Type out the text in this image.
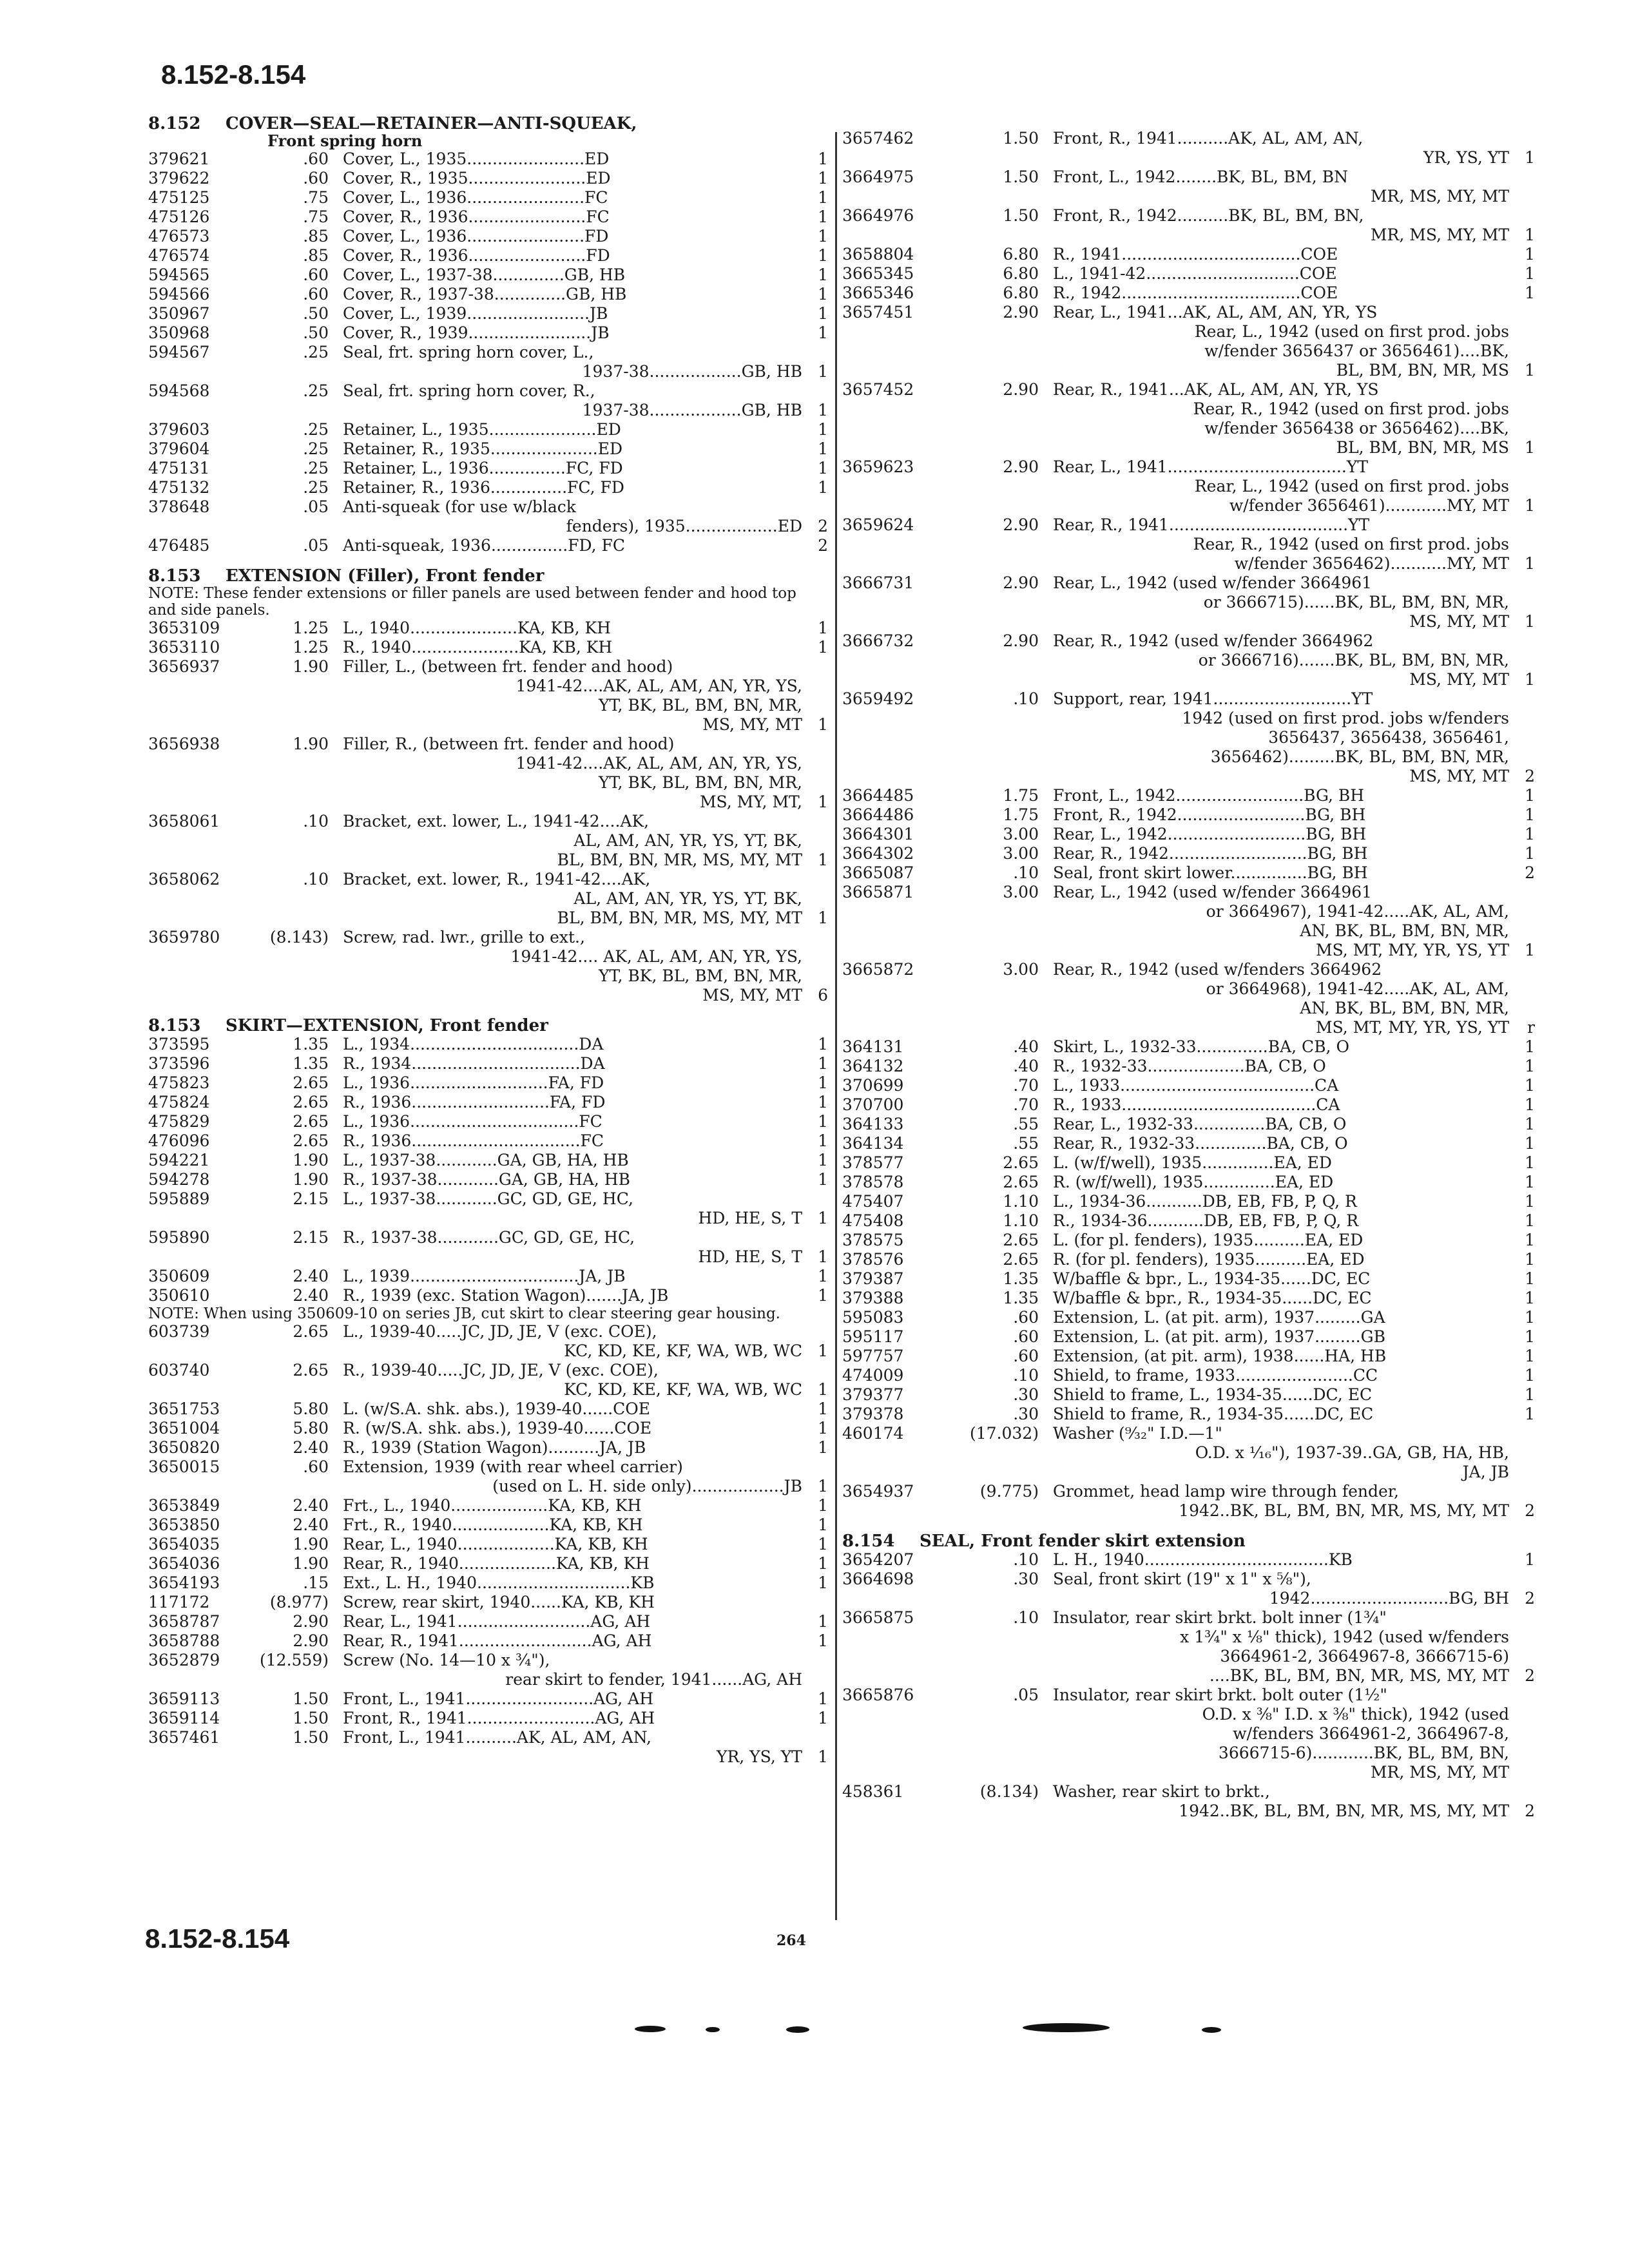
8.152-8.154
8.152 COVER—SEAL—RETAINER—ANTI-SQUEAK,
Front spring horn
379621	.60 Cover, L., 1935.......................ED	1
379622	.60 Cover, R., 1935.......................ED	1
475125	.75 Cover, L., 1936.......................FC	1
475126	.75 Cover, R., 1936.......................FC	1
476573	.85 Cover, L., 1936.......................FD	1
476574	.85 Cover, R., 1936.......................FD	1
594565	.60 Cover, L., 1937-38..............GB, HB	1
594566	.60 Cover, R., 1937-38..............GB, HB	1
350967	.50 Cover, L., 1939........................JB	1
350968	.50 Cover, R., 1939........................JB	1
594567	.25 Seal, frt. spring horn cover, L.,
1937-38..................GB, HB 1
594568	.25 Seal, frt. spring horn cover, R.,
1937-38..................GB, HB 1
379603	.25 Retainer, L., 1935.....................ED	1
379604	.25 Retainer, R., 1935.....................ED	1
475131	.25 Retainer, L., 1936...............FC, FD	1
475132	.25 Retainer, R., 1936...............FC, FD	1
378648	.05 Anti-squeak (for use w/black
fenders), 1935..................ED 2
476485	.05 Anti-squeak, 1936...............FD, FC	2
8.153 EXTENSION (Filler), Front fender
NOTE: These fender extensions or filler panels are used between fender and hood top and side panels.
3653109	1.25 L., 1940.....................KA, KB, KH	1
3653110	1.25 R., 1940.....................KA, KB, KH	1
3656937	1.90 Filler, L., (between frt. fender and hood)
1941-42....AK, AL, AM, AN, YR, YS,
YT, BK, BL, BM, BN, MR,
MS, MY, MT 1
3656938	1.90 Filler, R., (between frt. fender and hood)
1941-42....AK, AL, AM, AN, YR, YS,
YT, BK, BL, BM, BN, MR,
MS, MY, MT, 1
3658061	.10 Bracket, ext. lower, L., 1941-42....AK,
AL, AM, AN, YR, YS, YT, BK,
BL, BM, BN, MR, MS, MY, MT 1
3658062	.10 Bracket, ext. lower, R., 1941-42....AK,
AL, AM, AN, YR, YS, YT, BK,
BL, BM, BN, MR, MS, MY, MT 1
3659780	(8.143) Screw, rad. lwr., grille to ext.,
1941-42.... AK, AL, AM, AN, YR, YS,
YT, BK, BL, BM, BN, MR,
MS, MY, MT 6
8.153 SKIRT—EXTENSION, Front fender
373595	1.35 L., 1934.................................DA	1
373596	1.35 R., 1934.................................DA	1
475823	2.65 L., 1936...........................FA, FD	1
475824	2.65 R., 1936...........................FA, FD	1
475829	2.65 L., 1936.................................FC	1
476096	2.65 R., 1936.................................FC	1
594221	1.90 L., 1937-38............GA, GB, HA, HB	1
594278	1.90 R., 1937-38............GA, GB, HA, HB	1
595889	2.15 L., 1937-38............GC, GD, GE, HC,
HD, HE, S, T 1
595890	2.15 R., 1937-38............GC, GD, GE, HC,
HD, HE, S, T 1
350609	2.40 L., 1939.................................JA, JB	1
350610	2.40 R., 1939 (exc. Station Wagon).......JA, JB	1
NOTE: When using 350609-10 on series JB, cut skirt to clear steering gear housing.
603739	2.65 L., 1939-40.....JC, JD, JE, V (exc. COE),
KC, KD, KE, KF, WA, WB, WC 1
603740	2.65 R., 1939-40.....JC, JD, JE, V (exc. COE),
KC, KD, KE, KF, WA, WB, WC 1
3651753	5.80 L. (w/S.A. shk. abs.), 1939-40......COE	1
3651004	5.80 R. (w/S.A. shk. abs.), 1939-40......COE	1
3650820	2.40 R., 1939 (Station Wagon)..........JA, JB	1
3650015	.60 Extension, 1939 (with rear wheel carrier)
(used on L. H. side only)..................JB 1
3653849	2.40 Frt., L., 1940...................KA, KB, KH	1
3653850	2.40 Frt., R., 1940...................KA, KB, KH	1
3654035	1.90 Rear, L., 1940...................KA, KB, KH	1
3654036	1.90 Rear, R., 1940...................KA, KB, KH	1
3654193	.15 Ext., L. H., 1940..............................KB	1
117172	(8.977) Screw, rear skirt, 1940......KA, KB, KH
3658787	2.90 Rear, L., 1941..........................AG, AH	1
3658788	2.90 Rear, R., 1941..........................AG, AH	1
3652879	(12.559) Screw (No. 14—10 x ¾"),
rear skirt to fender, 1941......AG, AH
3659113	1.50 Front, L., 1941.........................AG, AH	1
3659114	1.50 Front, R., 1941.........................AG, AH	1
3657461	1.50 Front, L., 1941..........AK, AL, AM, AN,
YR, YS, YT 1
3657462	1.50 Front, R., 1941..........AK, AL, AM, AN,
YR, YS, YT 1
3664975	1.50 Front, L., 1942........BK, BL, BM, BN
MR, MS, MY, MT
3664976	1.50 Front, R., 1942..........BK, BL, BM, BN,
MR, MS, MY, MT 1
3658804	6.80 R., 1941...................................COE	1
3665345	6.80 L., 1941-42..............................COE	1
3665346	6.80 R., 1942...................................COE	1
3657451	2.90 Rear, L., 1941...AK, AL, AM, AN, YR, YS
Rear, L., 1942 (used on first prod. jobs
w/fender 3656437 or 3656461)....BK,
BL, BM, BN, MR, MS 1
3657452	2.90 Rear, R., 1941...AK, AL, AM, AN, YR, YS
Rear, R., 1942 (used on first prod. jobs
w/fender 3656438 or 3656462)....BK,
BL, BM, BN, MR, MS 1
3659623	2.90 Rear, L., 1941...................................YT
Rear, L., 1942 (used on first prod. jobs
w/fender 3656461)............MY, MT 1
3659624	2.90 Rear, R., 1941...................................YT
Rear, R., 1942 (used on first prod. jobs
w/fender 3656462)...........MY, MT 1
3666731	2.90 Rear, L., 1942 (used w/fender 3664961
or 3666715)......BK, BL, BM, BN, MR,
MS, MY, MT 1
3666732	2.90 Rear, R., 1942 (used w/fender 3664962
or 3666716).......BK, BL, BM, BN, MR,
MS, MY, MT 1
3659492	.10 Support, rear, 1941...........................YT
1942 (used on first prod. jobs w/fenders
3656437, 3656438, 3656461,
3656462).........BK, BL, BM, BN, MR,
MS, MY, MT 2
3664485	1.75 Front, L., 1942.........................BG, BH	1
3664486	1.75 Front, R., 1942.........................BG, BH	1
3664301	3.00 Rear, L., 1942...........................BG, BH	1
3664302	3.00 Rear, R., 1942...........................BG, BH	1
3665087	.10 Seal, front skirt lower...............BG, BH	2
3665871	3.00 Rear, L., 1942 (used w/fender 3664961
or 3664967), 1941-42.....AK, AL, AM,
AN, BK, BL, BM, BN, MR,
MS, MT, MY, YR, YS, YT 1
3665872	3.00 Rear, R., 1942 (used w/fenders 3664962
or 3664968), 1941-42.....AK, AL, AM,
AN, BK, BL, BM, BN, MR,
MS, MT, MY, YR, YS, YT	r
364131	.40 Skirt, L., 1932-33..............BA, CB, O	1
364132	.40 R., 1932-33...................BA, CB, O	1
370699	.70 L., 1933......................................CA	1
370700	.70 R., 1933......................................CA	1
364133	.55 Rear, L., 1932-33..............BA, CB, O	1
364134	.55 Rear, R., 1932-33..............BA, CB, O	1
378577	2.65 L. (w/f/well), 1935..............EA, ED	1
378578	2.65 R. (w/f/well), 1935..............EA, ED	1
475407	1.10 L., 1934-36...........DB, EB, FB, P, Q, R	1
475408	1.10 R., 1934-36...........DB, EB, FB, P, Q, R	1
378575	2.65 L. (for pl. fenders), 1935..........EA, ED	1
378576	2.65 R. (for pl. fenders), 1935..........EA, ED	1
379387	1.35 W/baffle & bpr., L., 1934-35......DC, EC	1
379388	1.35 W/baffle & bpr., R., 1934-35......DC, EC	1
595083	.60 Extension, L. (at pit. arm), 1937.........GA	1
595117	.60 Extension, L. (at pit. arm), 1937.........GB	1
597757	.60 Extension, (at pit. arm), 1938......HA, HB	1
474009	.10 Shield, to frame, 1933.......................CC	1
379377	.30 Shield to frame, L., 1934-35......DC, EC	1
379378	.30 Shield to frame, R., 1934-35......DC, EC	1
460174	(17.032) Washer (⁹⁄₃₂" I.D.—1"
O.D. x ¹⁄₁₆"), 1937-39..GA, GB, HA, HB,
JA, JB
3654937	(9.775) Grommet, head lamp wire through fender,
1942..BK, BL, BM, BN, MR, MS, MY, MT 2
8.154 SEAL, Front fender skirt extension
3654207	.10 L. H., 1940....................................KB	1
3664698	.30 Seal, front skirt (19" x 1" x ⅝"),
1942...........................BG, BH 2
3665875	.10 Insulator, rear skirt brkt. bolt inner (1¾"
x 1¾" x ⅛" thick), 1942 (used w/fenders
3664961-2, 3664967-8, 3666715-6)
....BK, BL, BM, BN, MR, MS, MY, MT 2
3665876	.05 Insulator, rear skirt brkt. bolt outer (1½"
O.D. x ⅜" I.D. x ⅜" thick), 1942 (used
w/fenders 3664961-2, 3664967-8,
3666715-6)............BK, BL, BM, BN,
MR, MS, MY, MT
458361	(8.134) Washer, rear skirt to brkt.,
1942..BK, BL, BM, BN, MR, MS, MY, MT 2
8.152-8.154	264
